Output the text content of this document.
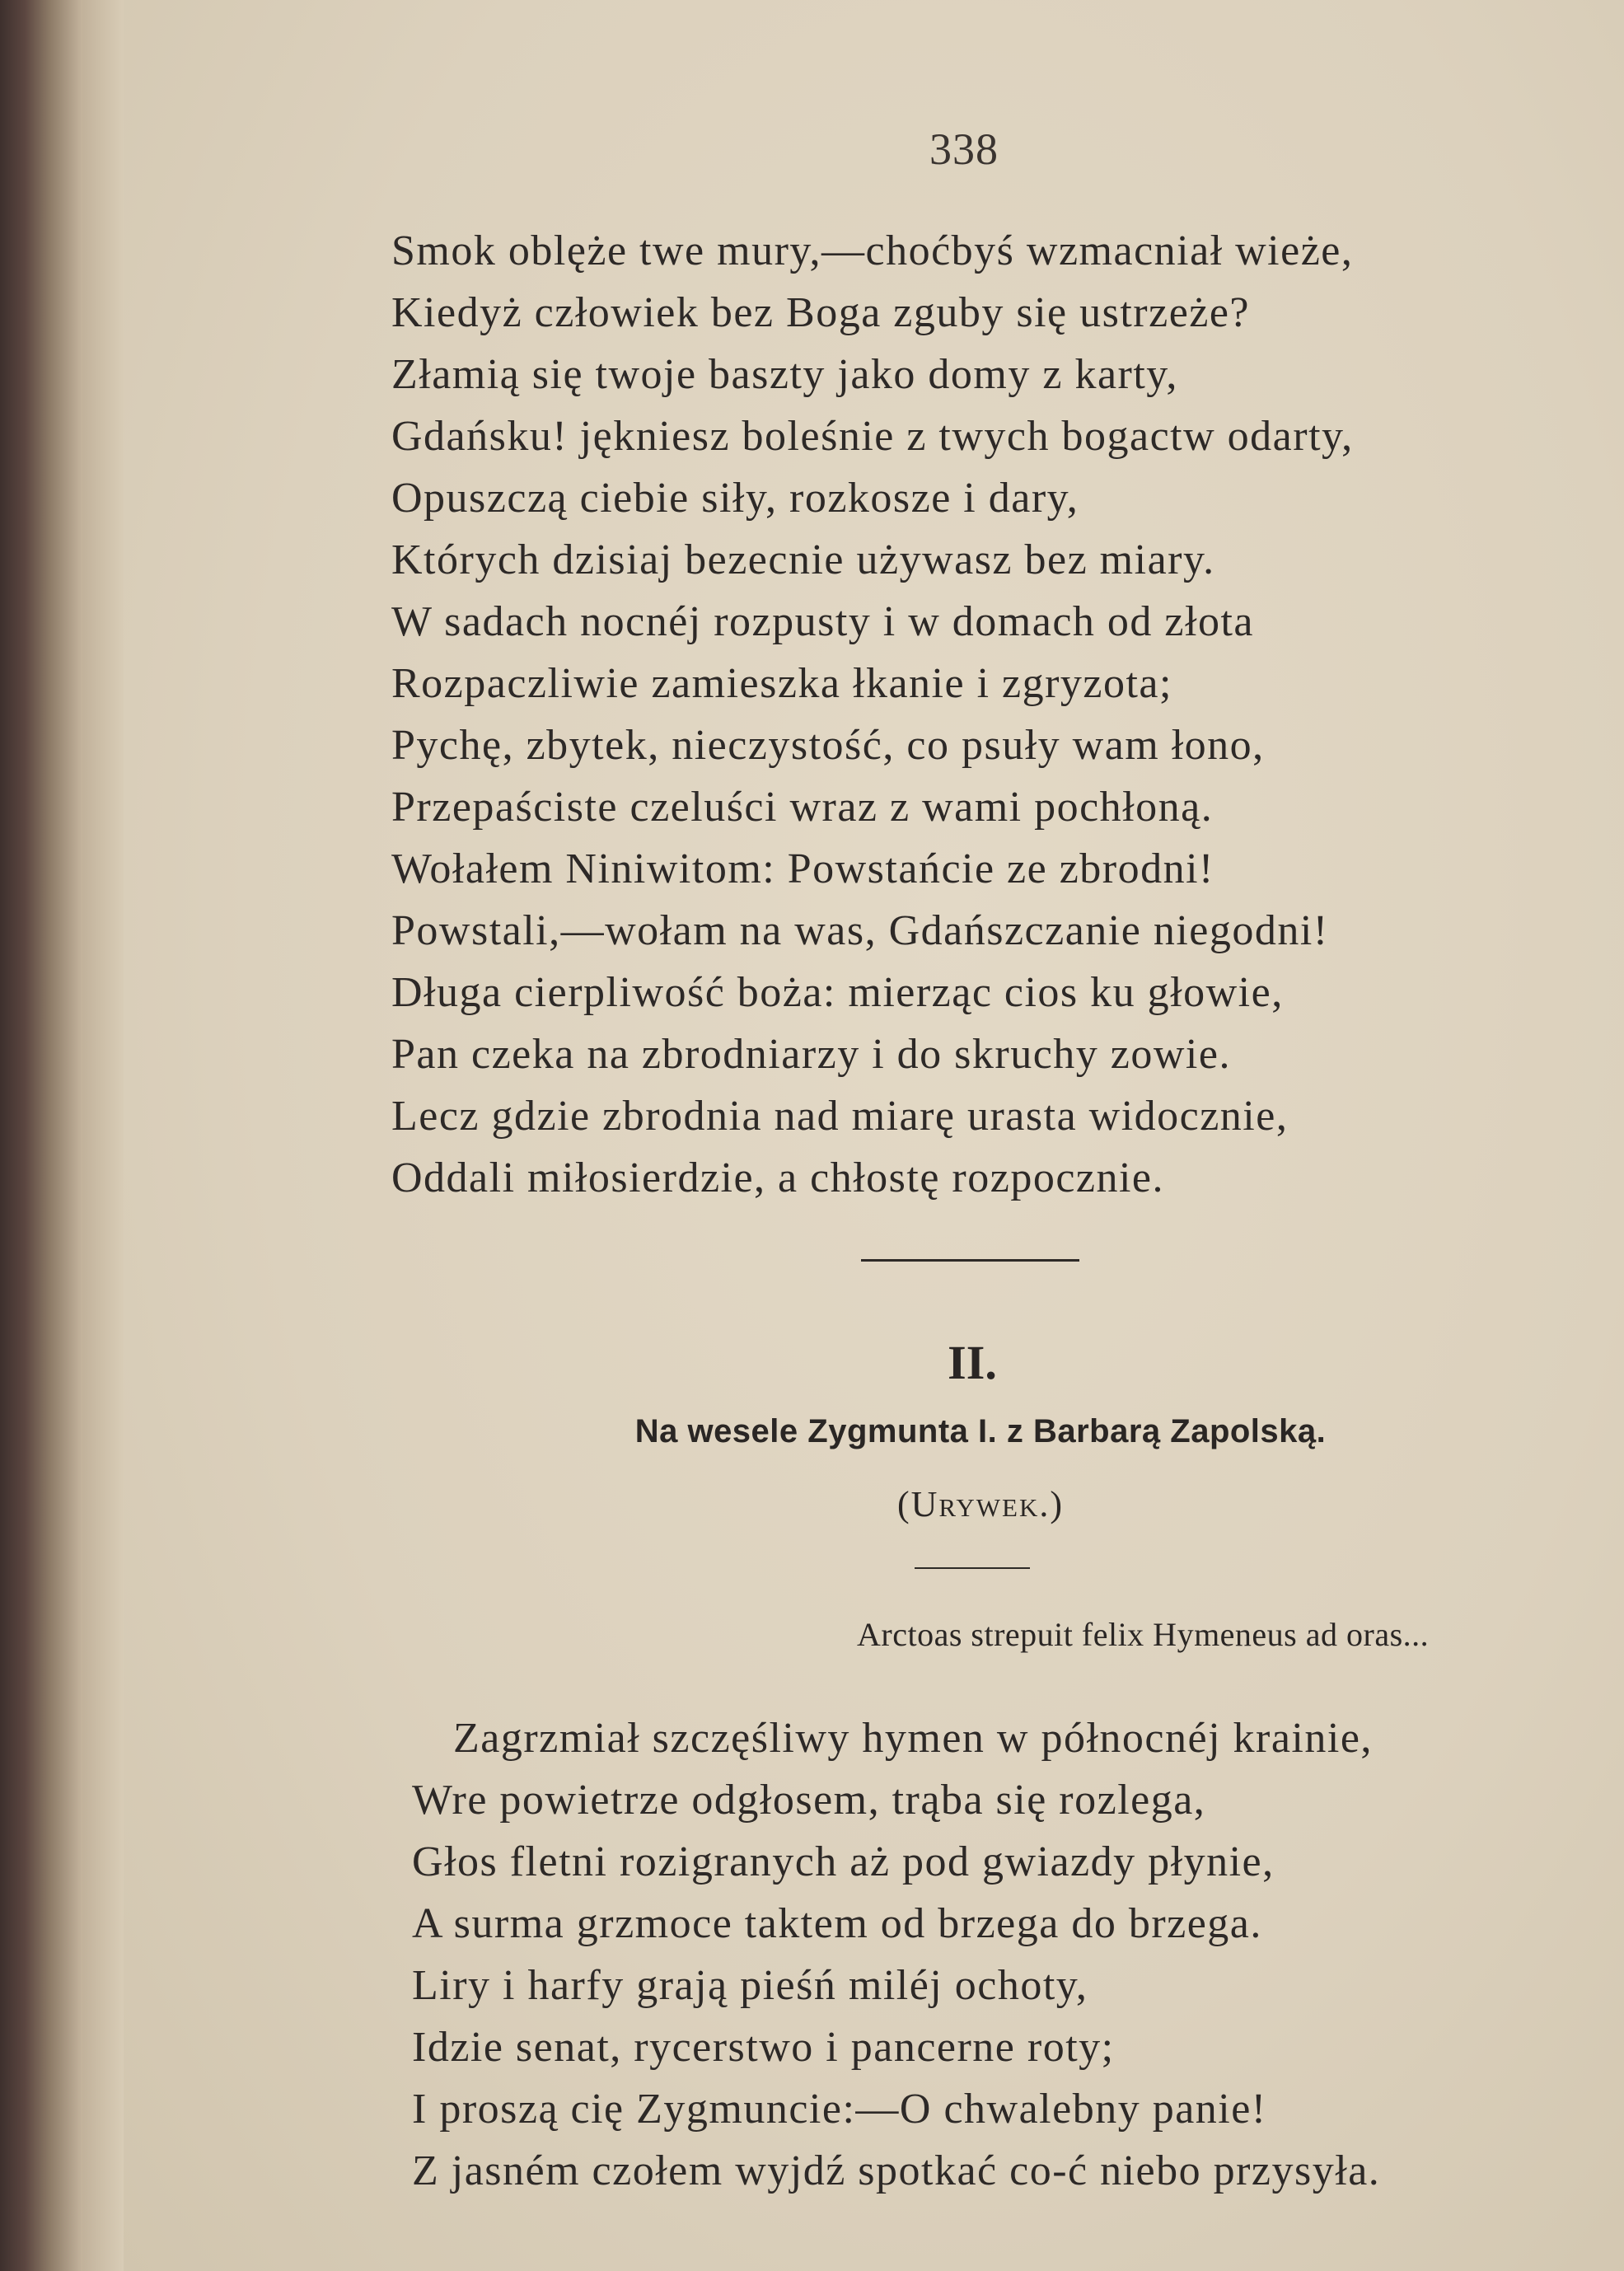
338
Smok oblęże twe mury,—choćbyś wzmacniał wieże,
Kiedyż człowiek bez Boga zguby się ustrzeże?
Złamią się twoje baszty jako domy z karty,
Gdańsku! jękniesz boleśnie z twych bogactw odarty,
Opuszczą ciebie siły, rozkosze i dary,
Których dzisiaj bezecnie używasz bez miary.
W sadach nocnéj rozpusty i w domach od złota
Rozpaczliwie zamieszka łkanie i zgryzota;
Pychę, zbytek, nieczystość, co psuły wam łono,
Przepaściste czeluści wraz z wami pochłoną.
Wołałem Niniwitom: Powstańcie ze zbrodni!
Powstali,—wołam na was, Gdańszczanie niegodni!
Długa cierpliwość boża: mierząc cios ku głowie,
Pan czeka na zbrodniarzy i do skruchy zowie.
Lecz gdzie zbrodnia nad miarę urasta widocznie,
Oddali miłosierdzie, a chłostę rozpocznie.
II.
Na wesele Zygmunta I. z Barbarą Zapolską.
(Urywek.)
Arctoas strepuit felix Hymeneus ad oras...
Zagrzmiał szczęśliwy hymen w północnéj krainie,
Wre powietrze odgłosem, trąba się rozlega,
Głos fletni rozigranych aż pod gwiazdy płynie,
A surma grzmoce taktem od brzega do brzega.
Liry i harfy grają pieśń miléj ochoty,
Idzie senat, rycerstwo i pancerne roty;
I proszą cię Zygmuncie:—O chwalebny panie!
Z jasném czołem wyjdź spotkać co-ć niebo przysyła.
